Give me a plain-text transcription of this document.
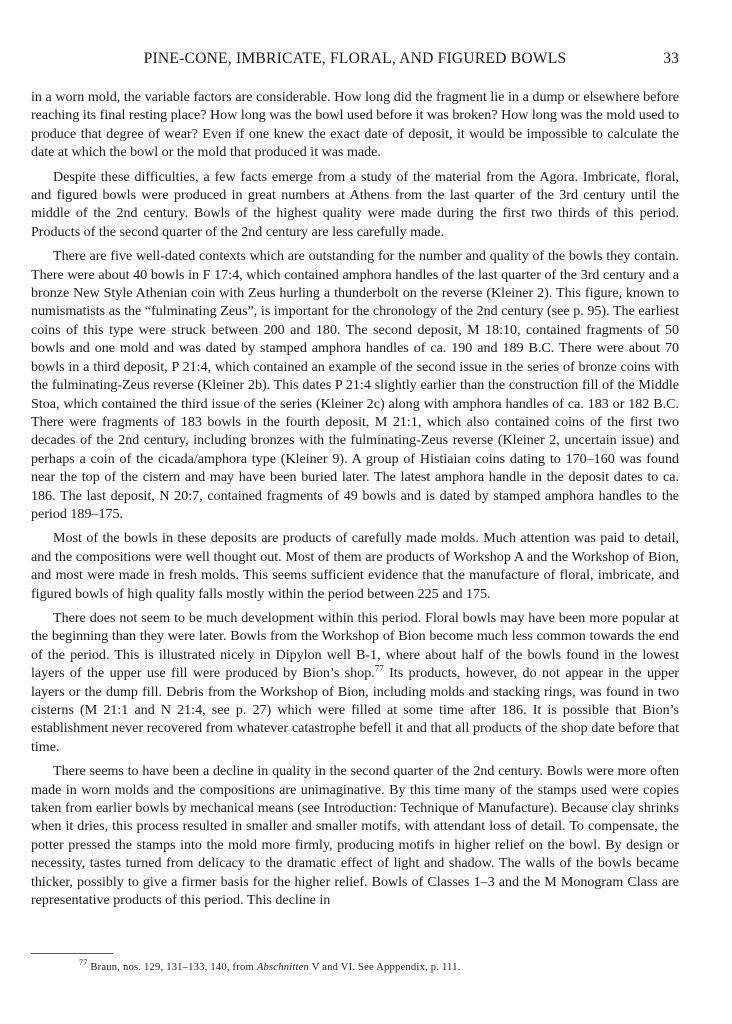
PINE-CONE, IMBRICATE, FLORAL, AND FIGURED BOWLS	33

in a worn mold, the variable factors are considerable. How long did the fragment lie in a dump or elsewhere before reaching its final resting place? How long was the bowl used before it was broken? How long was the mold used to produce that degree of wear? Even if one knew the exact date of deposit, it would be impossible to calculate the date at which the bowl or the mold that produced it was made.

Despite these difficulties, a few facts emerge from a study of the material from the Agora. Imbricate, floral, and figured bowls were produced in great numbers at Athens from the last quarter of the 3rd century until the middle of the 2nd century. Bowls of the highest quality were made during the first two thirds of this period. Products of the second quarter of the 2nd century are less carefully made.

There are five well-dated contexts which are outstanding for the number and quality of the bowls they contain. There were about 40 bowls in F 17:4, which contained amphora handles of the last quarter of the 3rd century and a bronze New Style Athenian coin with Zeus hurling a thunderbolt on the reverse (Kleiner 2). This figure, known to numismatists as the “fulminating Zeus”, is important for the chronology of the 2nd century (see p. 95). The earliest coins of this type were struck between 200 and 180. The second deposit, M 18:10, contained fragments of 50 bowls and one mold and was dated by stamped amphora handles of ca. 190 and 189 B.C. There were about 70 bowls in a third deposit, P 21:4, which contained an example of the second issue in the series of bronze coins with the fulminating-Zeus reverse (Kleiner 2b). This dates P 21:4 slightly earlier than the construction fill of the Middle Stoa, which contained the third issue of the series (Kleiner 2c) along with amphora handles of ca. 183 or 182 B.C. There were fragments of 183 bowls in the fourth deposit, M 21:1, which also contained coins of the first two decades of the 2nd century, including bronzes with the fulminating-Zeus reverse (Kleiner 2, uncertain issue) and perhaps a coin of the cicada/amphora type (Kleiner 9). A group of Histiaian coins dating to 170–160 was found near the top of the cistern and may have been buried later. The latest amphora handle in the deposit dates to ca. 186. The last deposit, N 20:7, contained fragments of 49 bowls and is dated by stamped amphora handles to the period 189–175.

Most of the bowls in these deposits are products of carefully made molds. Much attention was paid to detail, and the compositions were well thought out. Most of them are products of Workshop A and the Workshop of Bion, and most were made in fresh molds. This seems sufficient evidence that the manufacture of floral, imbricate, and figured bowls of high quality falls mostly within the period between 225 and 175.

There does not seem to be much development within this period. Floral bowls may have been more popular at the beginning than they were later. Bowls from the Workshop of Bion become much less common towards the end of the period. This is illustrated nicely in Dipylon well B-1, where about half of the bowls found in the lowest layers of the upper use fill were produced by Bion’s shop.$^{77}$ Its products, however, do not appear in the upper layers or the dump fill. Debris from the Workshop of Bion, including molds and stacking rings, was found in two cisterns (M 21:1 and N 21:4, see p. 27) which were filled at some time after 186. It is possible that Bion’s establishment never recovered from whatever catastrophe befell it and that all products of the shop date before that time.

There seems to have been a decline in quality in the second quarter of the 2nd century. Bowls were more often made in worn molds and the compositions are unimaginative. By this time many of the stamps used were copies taken from earlier bowls by mechanical means (see Introduction: Technique of Manufacture). Because clay shrinks when it dries, this process resulted in smaller and smaller motifs, with attendant loss of detail. To compensate, the potter pressed the stamps into the mold more firmly, producing motifs in higher relief on the bowl. By design or necessity, tastes turned from delicacy to the dramatic effect of light and shadow. The walls of the bowls became thicker, possibly to give a firmer basis for the higher relief. Bowls of Classes 1–3 and the M Monogram Class are representative products of this period. This decline in

$^{77}$ Braun, nos. 129, 131–133, 140, from Abschnitten V and VI. See Apppendix, p. 111.
